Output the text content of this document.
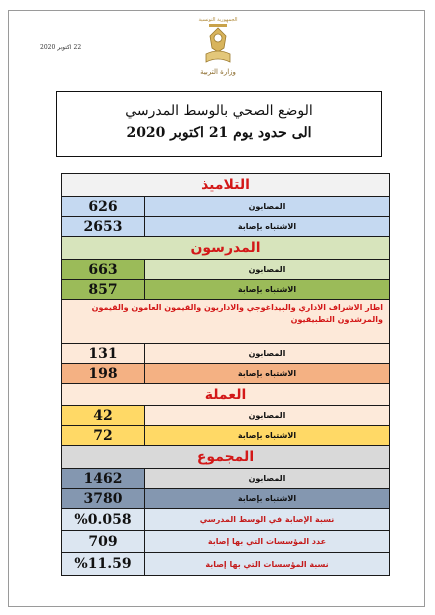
22 اكتوبر 2020
الجمهورية التونسية
وزارة التربية
الوضع الصحي بالوسط المدرسي
الى حدود يوم 21 اكتوبر 2020
التلاميذ	
المصابون	626
الاشتباه بإصابة	2653
المدرسون	
المصابون	663
الاشتباه بإصابة	857
اطار الاشراف الاداري والبيداغوجي والاداريون والقيمون العامون والقيمون والمرشدون التطبيقيون	
المصابون	131
الاشتباه بإصابة	198
العملة	
المصابون	42
الاشتباه بإصابة	72
المجموع	
المصابون	1462
الاشتباه بإصابة	3780
نسبة الإصابة في الوسط المدرسي	%0.058
عدد المؤسسات التي بها إصابة	709
نسبة المؤسسات التي بها إصابة	%11.59
